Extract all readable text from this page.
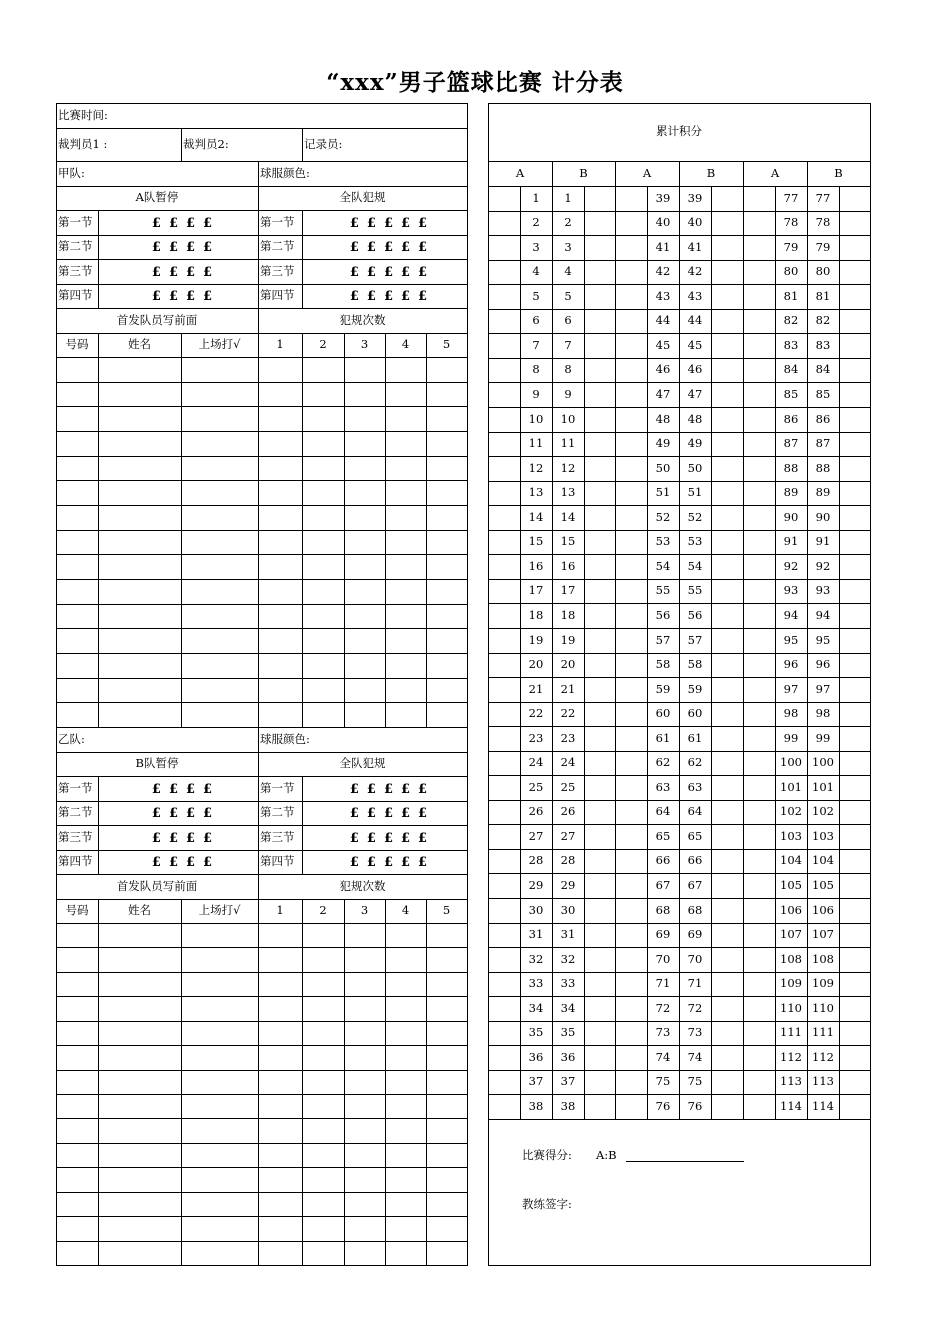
“xxx”男子篮球比赛 计分表
比赛时间:
裁判员1 :	裁判员2:	记录员:
甲队:	球服颜色:
A队暂停	全队犯规
第一节	第一节
££££	£££££
第二节	第二节
££££	£££££
第三节	第三节
££££	£££££
第四节	第四节
££££	£££££
首发队员写前面	犯规次数
号码	姓名	上场打√	1	2	3	4	5
乙队:	球服颜色:
B队暂停	全队犯规
第一节	第一节
££££	£££££
第二节	第二节
££££	£££££
第三节	第三节
££££	£££££
第四节	第四节
££££	£££££
首发队员写前面	犯规次数
号码	姓名	上场打√	1	2	3	4	5
累计积分
A	B	A	B	A	B
1	1	39	39	77	77
2	2	40	40	78	78
3	3	41	41	79	79
4	4	42	42	80	80
5	5	43	43	81	81
6	6	44	44	82	82
7	7	45	45	83	83
8	8	46	46	84	84
9	9	47	47	85	85
10	10	48	48	86	86
11	11	49	49	87	87
12	12	50	50	88	88
13	13	51	51	89	89
14	14	52	52	90	90
15	15	53	53	91	91
16	16	54	54	92	92
17	17	55	55	93	93
18	18	56	56	94	94
19	19	57	57	95	95
20	20	58	58	96	96
21	21	59	59	97	97
22	22	60	60	98	98
23	23	61	61	99	99
24	24	62	62	100 100
25	25	63	63	101 101
26	26	64	64	102 102
27	27	65	65	103 103
28	28	66	66	104 104
29	29	67	67	105 105
30	30	68	68	106 106
31	31	69	69	107 107
32	32	70	70	108 108
33	33	71	71	109 109
34	34	72	72	110 110
35	35	73	73	111 111
36	36	74	74	112 112
37	37	75	75	113 113
38	38	76	76	114 114
比赛得分: A:B
教练签字:
